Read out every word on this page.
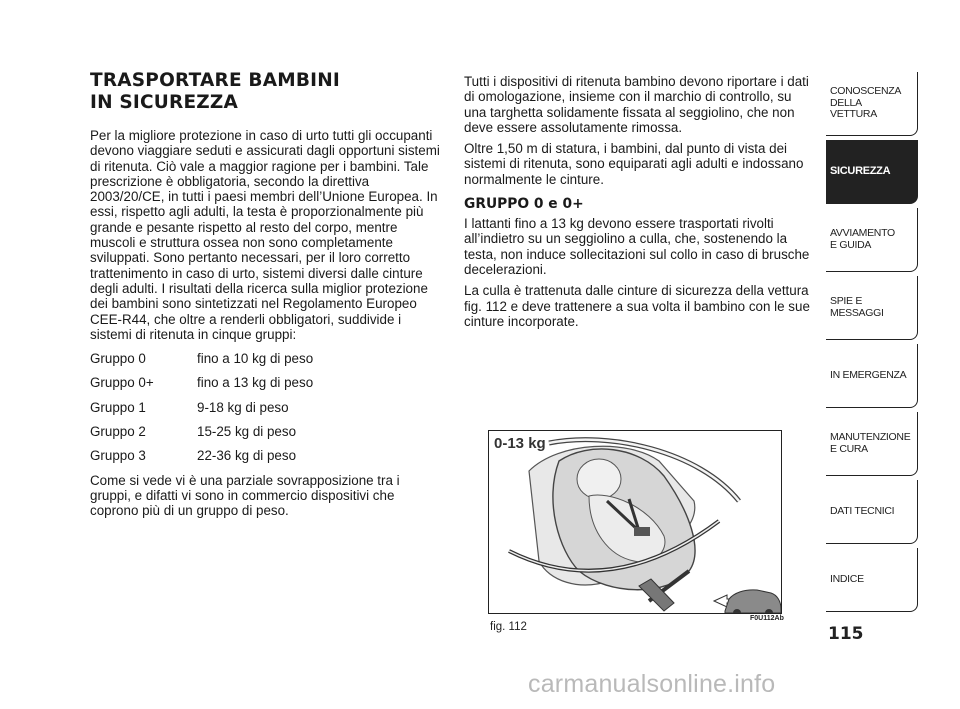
TRASPORTARE BAMBINI
IN SICUREZZA

Per la migliore protezione in caso di urto tutti gli occupanti devono viaggiare seduti e assicurati dagli opportuni sistemi di ritenuta. Ciò vale a maggior ragione per i bambini. Tale prescrizione è obbligatoria, secondo la direttiva 2003/20/CE, in tutti i paesi membri dell’Unione Europea. In essi, rispetto agli adulti, la testa è proporzionalmente più grande e pesante rispetto al resto del corpo, mentre muscoli e struttura ossea non sono completamente sviluppati. Sono pertanto necessari, per il loro corretto trattenimento in caso di urto, sistemi diversi dalle cinture degli adulti. I risultati della ricerca sulla miglior protezione dei bambini sono sintetizzati nel Regolamento Europeo CEE-R44, che oltre a renderli obbligatori, suddivide i sistemi di ritenuta in cinque gruppi:

Gruppo 0	fino a 10 kg di peso
Gruppo 0+	fino a 13 kg di peso
Gruppo 1	9-18 kg di peso
Gruppo 2	15-25 kg di peso
Gruppo 3	22-36 kg di peso

Come si vede vi è una parziale sovrapposizione tra i gruppi, e difatti vi sono in commercio dispositivi che coprono più di un gruppo di peso.

Tutti i dispositivi di ritenuta bambino devono riportare i dati di omologazione, insieme con il marchio di controllo, su una targhetta solidamente fissata al seggiolino, che non deve essere assolutamente rimossa.

Oltre 1,50 m di statura, i bambini, dal punto di vista dei sistemi di ritenuta, sono equiparati agli adulti e indossano normalmente le cinture.

GRUPPO 0 e 0+

I lattanti fino a 13 kg devono essere trasportati rivolti all’indietro su un seggiolino a culla, che, sostenendo la testa, non induce sollecitazioni sul collo in caso di brusche decelerazioni.

La culla è trattenuta dalle cinture di sicurezza della vettura fig. 112 e deve trattenere a sua volta il bambino con le sue cinture incorporate.

0-13 kg
F0U112Ab
fig. 112
CONOSCENZA
DELLA
VETTURA
SICUREZZA
AVVIAMENTO
E GUIDA
SPIE E
MESSAGGI
IN EMERGENZA
MANUTENZIONE
E CURA
DATI TECNICI
INDICE
115
carmanualsonline.info
